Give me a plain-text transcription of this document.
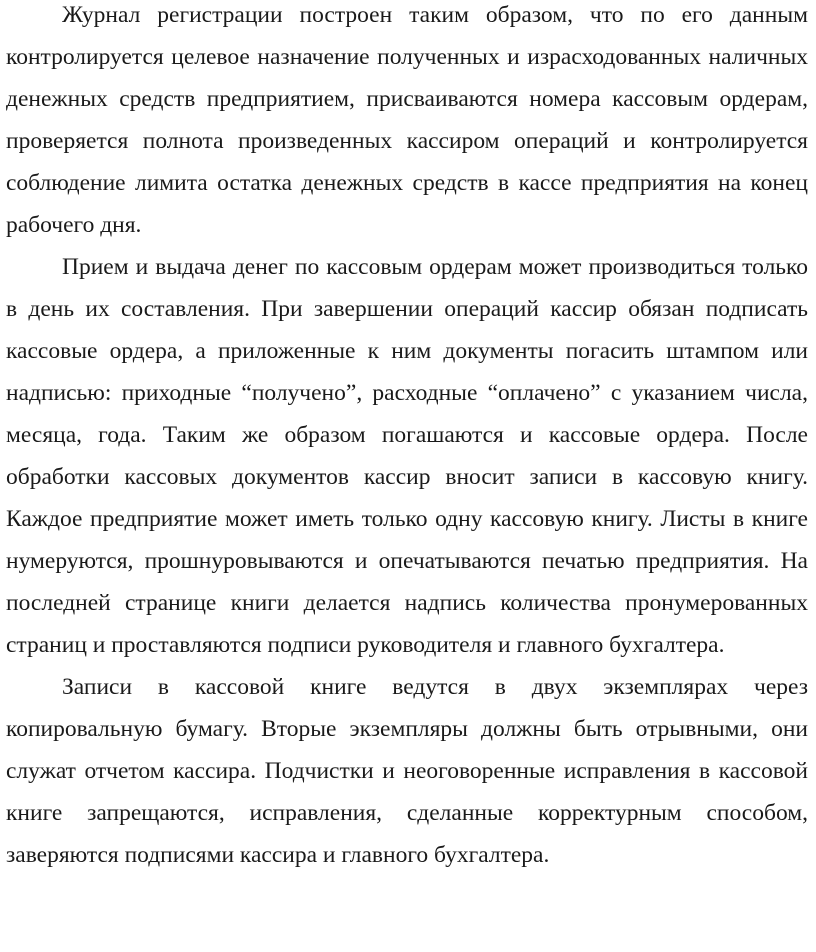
Журнал регистрации построен таким образом, что по его данным контролируется целевое назначение полученных и израсходованных наличных денежных средств предприятием, присваиваются номера кассовым ордерам, проверяется полнота произведенных кассиром операций и контролируется соблюдение лимита остатка денежных средств в кассе предприятия на конец рабочего дня.

Прием и выдача денег по кассовым ордерам может производиться только в день их составления. При завершении операций кассир обязан подписать кассовые ордера, а приложенные к ним документы погасить штампом или надписью: приходные “получено”, расходные “оплачено” с указанием числа, месяца, года. Таким же образом погашаются и кассовые ордера. После обработки кассовых документов кассир вносит записи в кассовую книгу. Каждое предприятие может иметь только одну кассовую книгу. Листы в книге нумеруются, прошнуровываются и опечатываются печатью предприятия. На последней странице книги делается надпись количества пронумерованных страниц и проставляются подписи руководителя и главного бухгалтера.

Записи в кассовой книге ведутся в двух экземплярах через копировальную бумагу. Вторые экземпляры должны быть отрывными, они служат отчетом кассира. Подчистки и неоговоренные исправления в кассовой книге запрещаются, исправления, сделанные корректурным способом, заверяются подписями кассира и главного бухгалтера.
